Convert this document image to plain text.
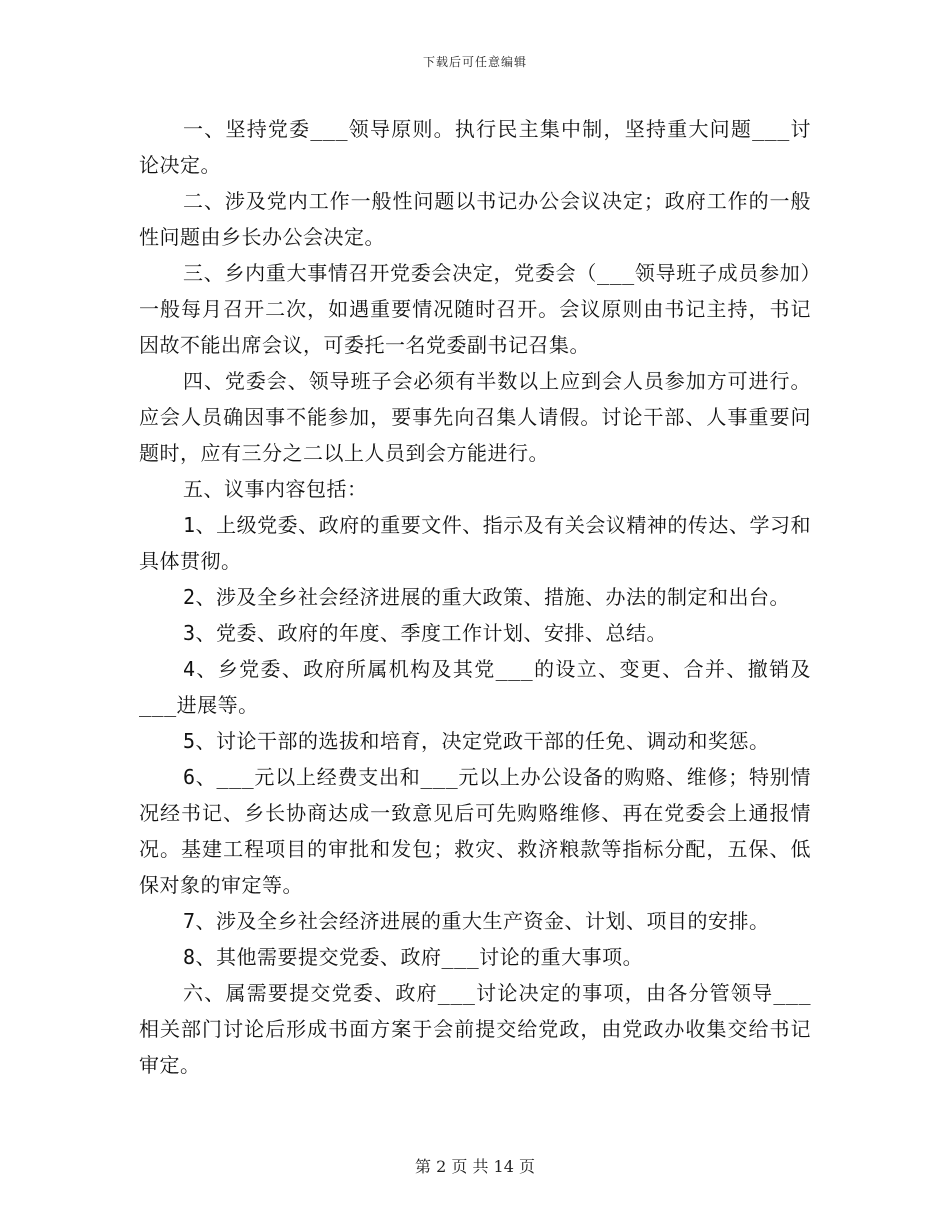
下载后可任意编辑

一、坚持党委___领导原则。执行民主集中制，坚持重大问题___讨论决定。

二、涉及党内工作一般性问题以书记办公会议决定；政府工作的一般性问题由乡长办公会决定。

三、乡内重大事情召开党委会决定，党委会（___领导班子成员参加）一般每月召开二次，如遇重要情况随时召开。会议原则由书记主持，书记因故不能出席会议，可委托一名党委副书记召集。

四、党委会、领导班子会必须有半数以上应到会人员参加方可进行。应会人员确因事不能参加，要事先向召集人请假。讨论干部、人事重要问题时，应有三分之二以上人员到会方能进行。

五、议事内容包括：

1、上级党委、政府的重要文件、指示及有关会议精神的传达、学习和具体贯彻。

2、涉及全乡社会经济进展的重大政策、措施、办法的制定和出台。

3、党委、政府的年度、季度工作计划、安排、总结。

4、乡党委、政府所属机构及其党___的设立、变更、合并、撤销及___进展等。

5、讨论干部的选拔和培育，决定党政干部的任免、调动和奖惩。

6、___元以上经费支出和___元以上办公设备的购赂、维修；特别情况经书记、乡长协商达成一致意见后可先购赂维修、再在党委会上通报情况。基建工程项目的审批和发包；救灾、救济粮款等指标分配，五保、低保对象的审定等。

7、涉及全乡社会经济进展的重大生产资金、计划、项目的安排。

8、其他需要提交党委、政府___讨论的重大事项。

六、属需要提交党委、政府___讨论决定的事项，由各分管领导___相关部门讨论后形成书面方案于会前提交给党政，由党政办收集交给书记审定。

第 2 页 共 14 页
